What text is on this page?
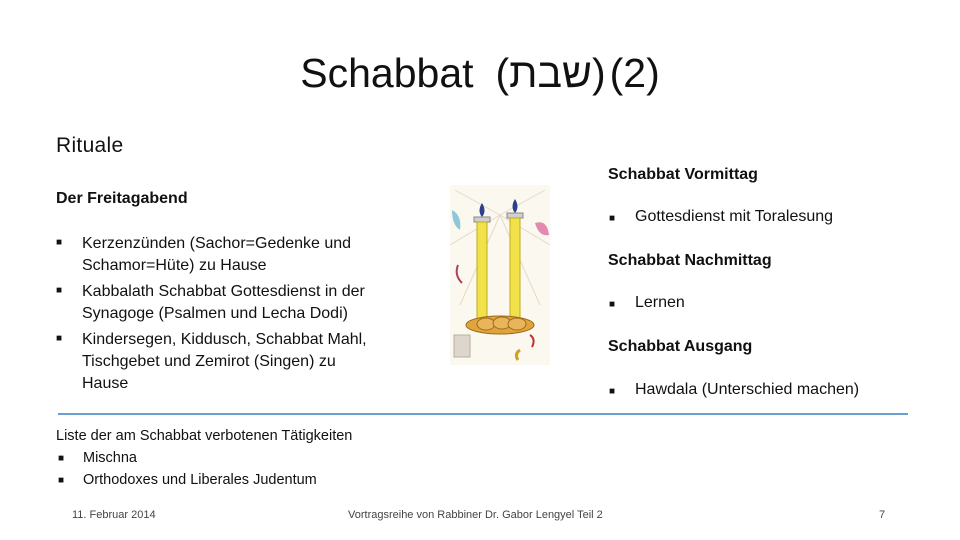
Schabbat (שבת)(2)
Rituale
Der Freitagabend
■ Kerzenzünden (Sachor=Gedenke und
Schamor=Hüte) zu Hause
■ Kabbalath Schabbat Gottesdienst in der
Synagoge (Psalmen und Lecha Dodi)
■ Kindersegen, Kiddusch, Schabbat Mahl,
Tischgebet und Zemirot (Singen) zu
Hause
Schabbat Vormittag
■ Gottesdienst mit Toralesung
Schabbat Nachmittag
■ Lernen
Schabbat Ausgang
■ Hawdala (Unterschied machen)
Liste der am Schabbat verbotenen Tätigkeiten
■ Mischna
■ Orthodoxes und Liberales Judentum
11. Februar 2014	Vortragsreihe von Rabbiner Dr. Gabor Lengyel Teil 2	7
